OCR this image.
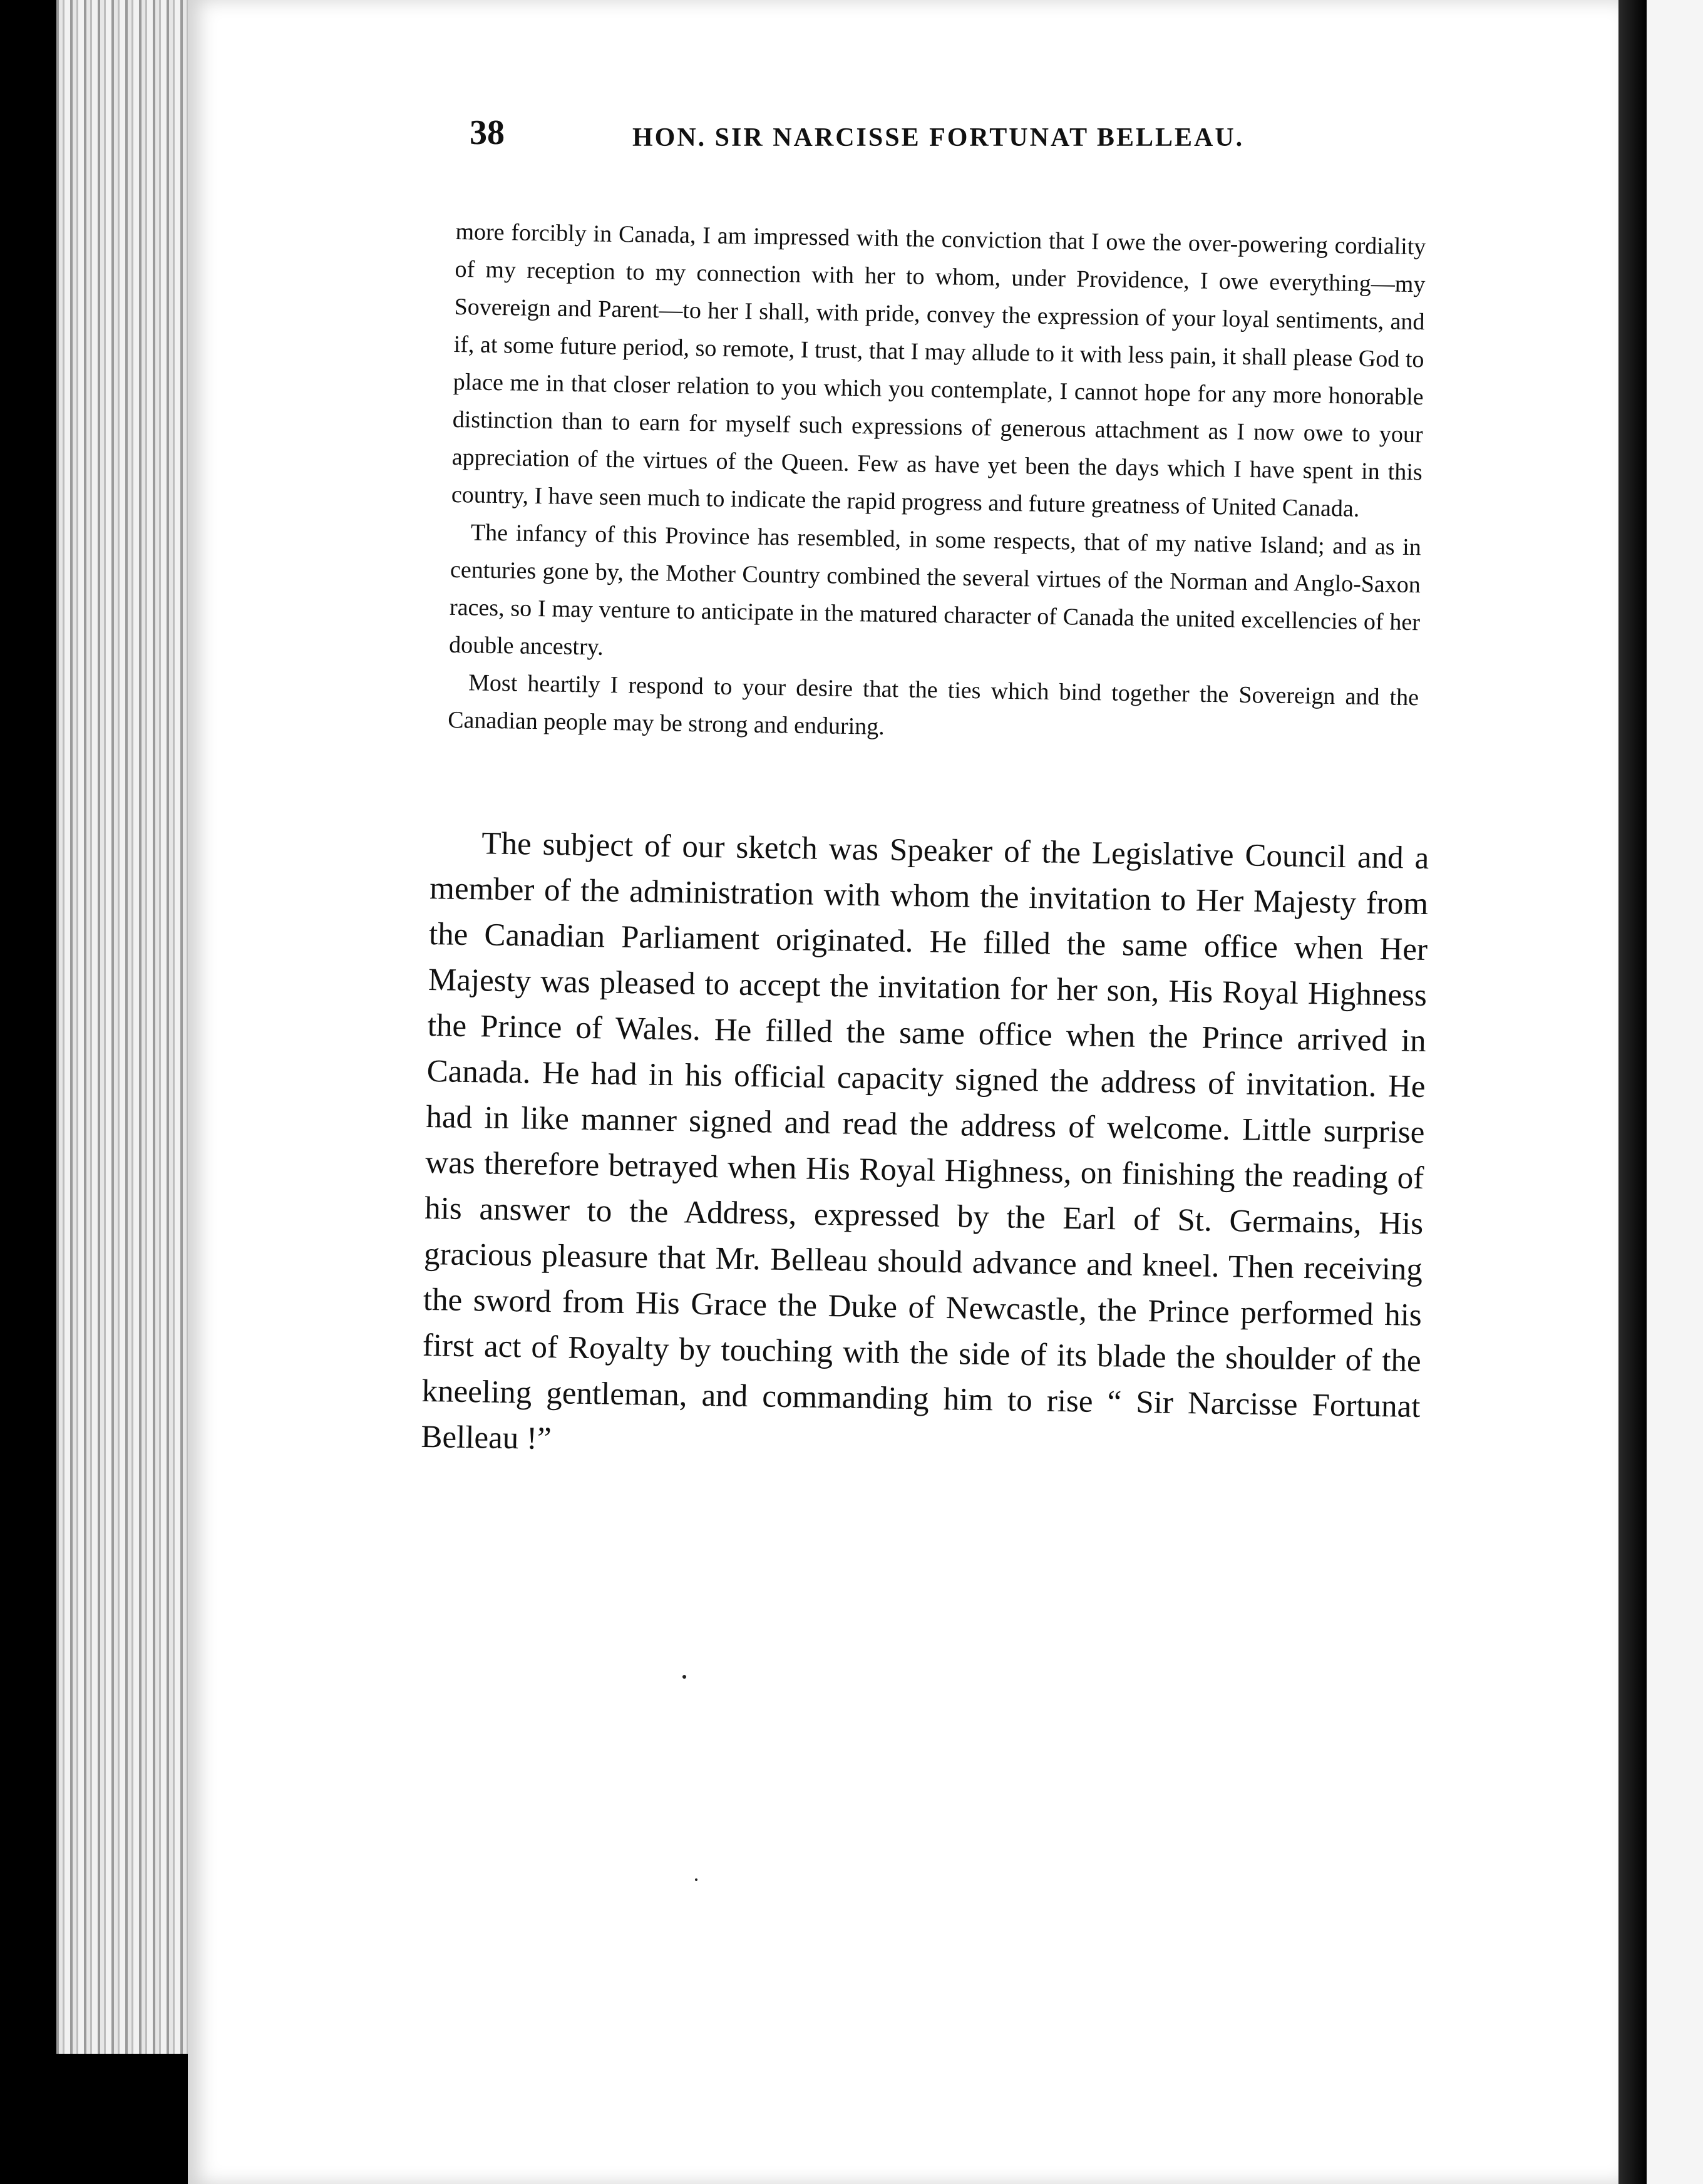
38	HON. SIR NARCISSE FORTUNAT BELLEAU.

more forcibly in Canada, I am impressed with the conviction that I owe the over-powering cordiality of my reception to my connection with her to whom, under Providence, I owe everything—my Sovereign and Parent—to her I shall, with pride, convey the expression of your loyal sentiments, and if, at some future period, so remote, I trust, that I may allude to it with less pain, it shall please God to place me in that closer relation to you which you contemplate, I cannot hope for any more honorable distinction than to earn for myself such expressions of generous attachment as I now owe to your appreciation of the virtues of the Queen. Few as have yet been the days which I have spent in this country, I have seen much to indicate the rapid progress and future greatness of United Canada.

The infancy of this Province has resembled, in some respects, that of my native Island; and as in centuries gone by, the Mother Country combined the several virtues of the Norman and Anglo-Saxon races, so I may venture to anticipate in the matured character of Canada the united excellencies of her double ancestry.

Most heartily I respond to your desire that the ties which bind together the Sovereign and the Canadian people may be strong and enduring.

The subject of our sketch was Speaker of the Legislative Council and a member of the administration with whom the invitation to Her Majesty from the Canadian Parliament originated. He filled the same office when Her Majesty was pleased to accept the invitation for her son, His Royal Highness the Prince of Wales. He filled the same office when the Prince arrived in Canada. He had in his official capacity signed the address of invitation. He had in like manner signed and read the address of welcome. Little surprise was therefore betrayed when His Royal Highness, on finishing the reading of his answer to the Address, expressed by the Earl of St. Germains, His gracious pleasure that Mr. Belleau should advance and kneel. Then receiving the sword from His Grace the Duke of Newcastle, the Prince performed his first act of Royalty by touching with the side of its blade the shoulder of the kneeling gentleman, and commanding him to rise “ Sir Narcisse Fortunat Belleau !”
